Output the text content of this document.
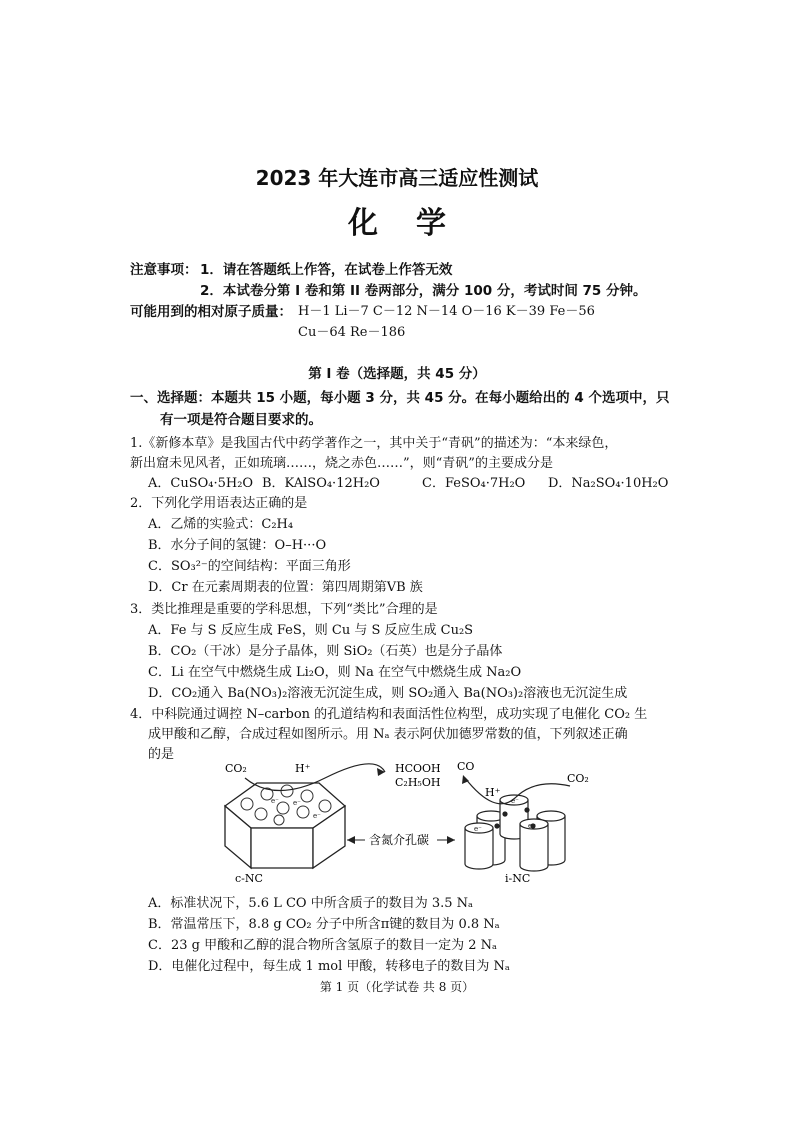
2023 年大连市高三适应性测试
化学
注意事项： 1．请在答题纸上作答，在试卷上作答无效
2．本试卷分第 I 卷和第 II 卷两部分，满分 100 分，考试时间 75 分钟。
可能用到的相对原子质量： H－1 Li－7 C－12 N－14 O－16 K－39 Fe－56
Cu－64 Re－186
第 I 卷（选择题，共 45 分）
一、选择题：本题共 15 小题，每小题 3 分，共 45 分。在每小题给出的 4 个选项中，只
有一项是符合题目要求的。
1.《新修本草》是我国古代中药学著作之一，其中关于“青矾”的描述为：“本来绿色，
新出窟未见风者，正如琉璃……，烧之赤色……”，则“青矾”的主要成分是
A．CuSO₄·5H₂O B．KAlSO₄·12H₂O	C．FeSO₄·7H₂O D．Na₂SO₄·10H₂O
2．下列化学用语表达正确的是
A．乙烯的实验式：C₂H₄
B．水分子间的氢键：O–H···O
C．SO₃²⁻的空间结构：平面三角形
D．Cr 在元素周期表的位置：第四周期第ⅤB 族
3．类比推理是重要的学科思想，下列“类比”合理的是
A．Fe 与 S 反应生成 FeS，则 Cu 与 S 反应生成 Cu₂S
B．CO₂（干冰）是分子晶体，则 SiO₂（石英）也是分子晶体
C．Li 在空气中燃烧生成 Li₂O，则 Na 在空气中燃烧生成 Na₂O
D．CO₂通入 Ba(NO₃)₂溶液无沉淀生成，则 SO₂通入 Ba(NO₃)₂溶液也无沉淀生成
4．中科院通过调控 N–carbon 的孔道结构和表面活性位构型，成功实现了电催化 CO₂ 生
成甲酸和乙醇，合成过程如图所示。用 Nₐ 表示阿伏加德罗常数的值，下列叙述正确
的是
e⁻ e⁻
e⁻
CO₂	H⁺	HCOOH
C₂H₅OH
c-NC
含氮介孔碳
e⁻
e⁻	e⁻
CO
H⁺
CO₂
i-NC
A．标准状况下，5.6 L CO 中所含质子的数目为 3.5 Nₐ
B．常温常压下，8.8 g CO₂ 分子中所含π键的数目为 0.8 Nₐ
C．23 g 甲酸和乙醇的混合物所含氢原子的数目一定为 2 Nₐ
D．电催化过程中，每生成 1 mol 甲酸，转移电子的数目为 Nₐ
第 1 页（化学试卷 共 8 页）
